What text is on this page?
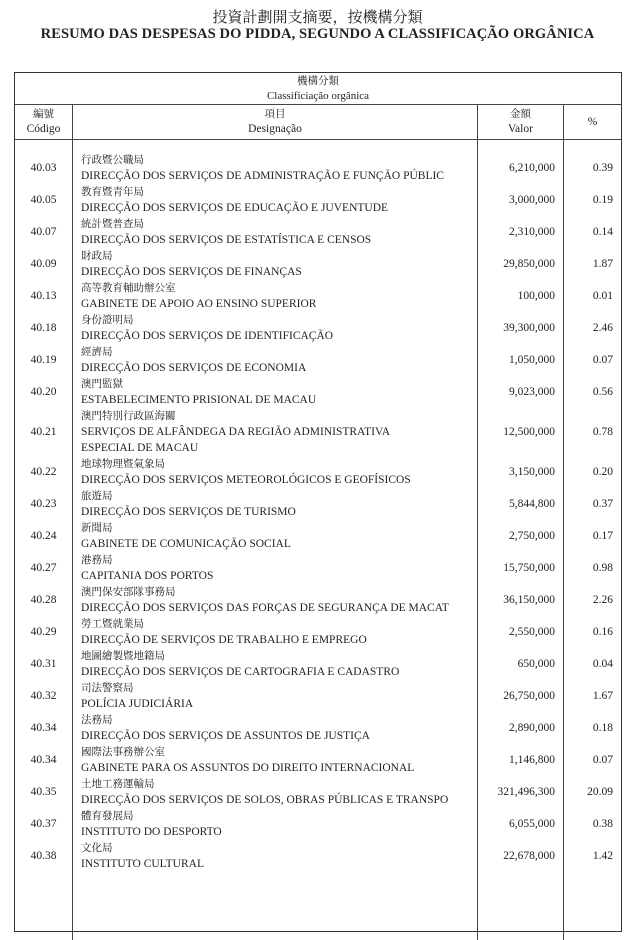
投資計劃開支摘要，按機構分類
RESUMO DAS DESPESAS DO PIDDA, SEGUNDO A CLASSIFICAÇÃO ORGÂNICA
機構分類
Classificiação orgânica
編號
Código
項目
Designação
金額
Valor
%
40.03
40.05
40.07
40.09
40.13
40.18
40.19
40.20
40.21
40.22
40.23
40.24
40.27
40.28
40.29
40.31
40.32
40.34
40.34
40.35
40.37
40.38
行政暨公職局
DIRECÇÃO DOS SERVIÇOS DE ADMINISTRAÇÃO E FUNÇÃO PÚBLIC
教育暨青年局
DIRECÇÃO DOS SERVIÇOS DE EDUCAÇÃO E JUVENTUDE
統計暨普查局
DIRECÇÃO DOS SERVIÇOS DE ESTATÍSTICA E CENSOS
財政局
DIRECÇÃO DOS SERVIÇOS DE FINANÇAS
高等教育輔助辦公室
GABINETE DE APOIO AO ENSINO SUPERIOR
身份證明局
DIRECÇÃO DOS SERVIÇOS DE IDENTIFICAÇÃO
經濟局
DIRECÇÃO DOS SERVIÇOS DE ECONOMIA
澳門監獄
ESTABELECIMENTO PRISIONAL DE MACAU
澳門特別行政區海關
SERVIÇOS DE ALFÂNDEGA DA REGIÃO ADMINISTRATIVA
ESPECIAL DE MACAU
地球物理暨氣象局
DIRECÇÃO DOS SERVIÇOS METEOROLÓGICOS E GEOFÍSICOS
旅遊局
DIRECÇÃO DOS SERVIÇOS DE TURISMO
新聞局
GABINETE DE COMUNICAÇÃO SOCIAL
港務局
CAPITANIA DOS PORTOS
澳門保安部隊事務局
DIRECÇÃO DOS SERVIÇOS DAS FORÇAS DE SEGURANÇA DE MACAT
勞工暨就業局
DIRECÇÃO DE SERVIÇOS DE TRABALHO E EMPREGO
地圖繪製暨地籍局
DIRECÇÃO DOS SERVIÇOS DE CARTOGRAFIA E CADASTRO
司法警察局
POLÍCIA JUDICIÁRIA
法務局
DIRECÇÃO DOS SERVIÇOS DE ASSUNTOS DE JUSTIÇA
國際法事務辦公室
GABINETE PARA OS ASSUNTOS DO DIREITO INTERNACIONAL
土地工務運輸局
DIRECÇÃO DOS SERVIÇOS DE SOLOS, OBRAS PÚBLICAS E TRANSPO
體育發展局
INSTITUTO DO DESPORTO
文化局
INSTITUTO CULTURAL
6,210,000
3,000,000
2,310,000
29,850,000
100,000
39,300,000
1,050,000
9,023,000
12,500,000
3,150,000
5,844,800
2,750,000
15,750,000
36,150,000
2,550,000
650,000
26,750,000
2,890,000
1,146,800
321,496,300
6,055,000
22,678,000
0.39
0.19
0.14
1.87
0.01
2.46
0.07
0.56
0.78
0.20
0.37
0.17
0.98
2.26
0.16
0.04
1.67
0.18
0.07
20.09
0.38
1.42
